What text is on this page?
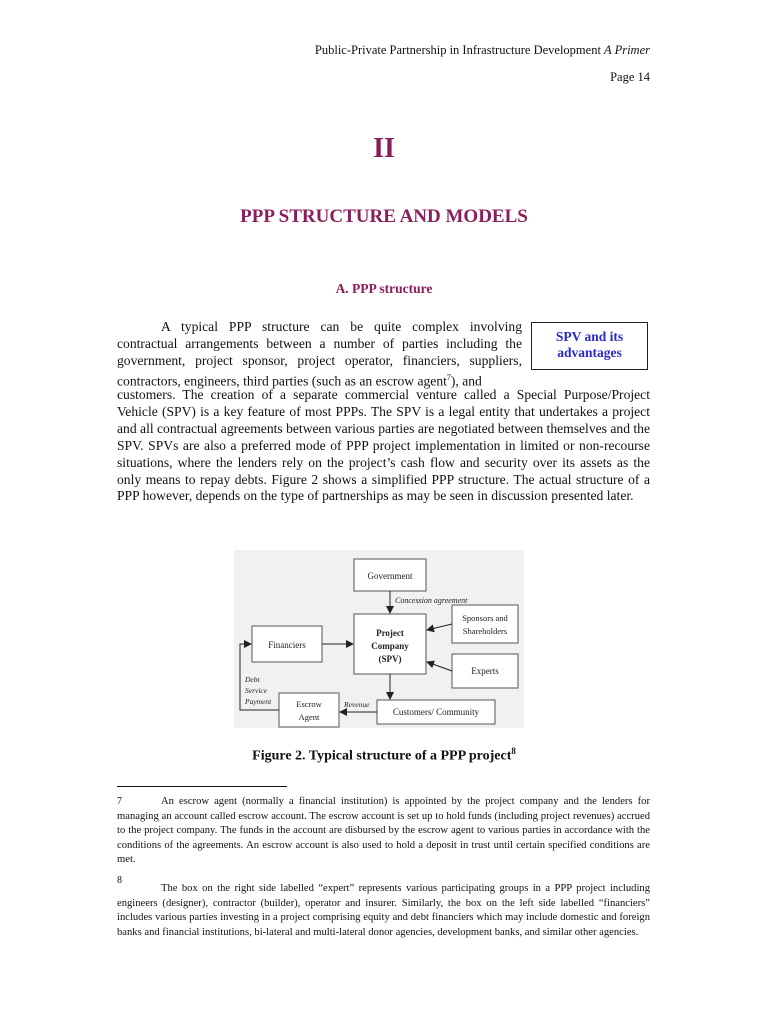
Public-Private Partnership in Infrastructure Development A Primer
Page 14
II
PPP STRUCTURE AND MODELS
A. PPP structure
SPV and its
advantages

A typical PPP structure can be quite complex involving contractual arrangements between a number of parties including the government, project sponsor, project operator, financiers, suppliers, contractors, engineers, third parties (such as an escrow agent$^7$), and

customers. The creation of a separate commercial venture called a Special Purpose/Project Vehicle (SPV) is a key feature of most PPPs. The SPV is a legal entity that undertakes a project and all contractual agreements between various parties are negotiated between themselves and the SPV. SPVs are also a preferred mode of PPP project implementation in limited or non-recourse situations, where the lenders rely on the project’s cash flow and security over its assets as the only means to repay debts. Figure 2 shows a simplified PPP structure. The actual structure of a PPP however, depends on the type of partnerships as may be seen in discussion presented later.

Government
Concession agreement
Sponsors and
Shareholders
Financiers
Project
Company
(SPV)
Experts
Debt
Service
Payment	Escrow
Agent
Revenue
Customers/ Community
Figure 2. Typical structure of a PPP project$^8$
7	An escrow agent (normally a financial institution) is appointed by the project company and the lenders for managing an account called escrow account. The escrow account is set up to hold funds (including project revenues) accrued to the project company. The funds in the account are disbursed by the escrow agent to various parties in accordance with the conditions of the agreements. An escrow account is also used to hold a deposit in trust until certain specified conditions are met.

8

The box on the right side labelled “expert” represents various participating groups in a PPP project including engineers (designer), contractor (builder), operator and insurer. Similarly, the box on the left side labelled “financiers” includes various parties investing in a project comprising equity and debt financiers which may include domestic and foreign banks and financial institutions, bi-lateral and multi-lateral donor agencies, development banks, and similar other agencies.
